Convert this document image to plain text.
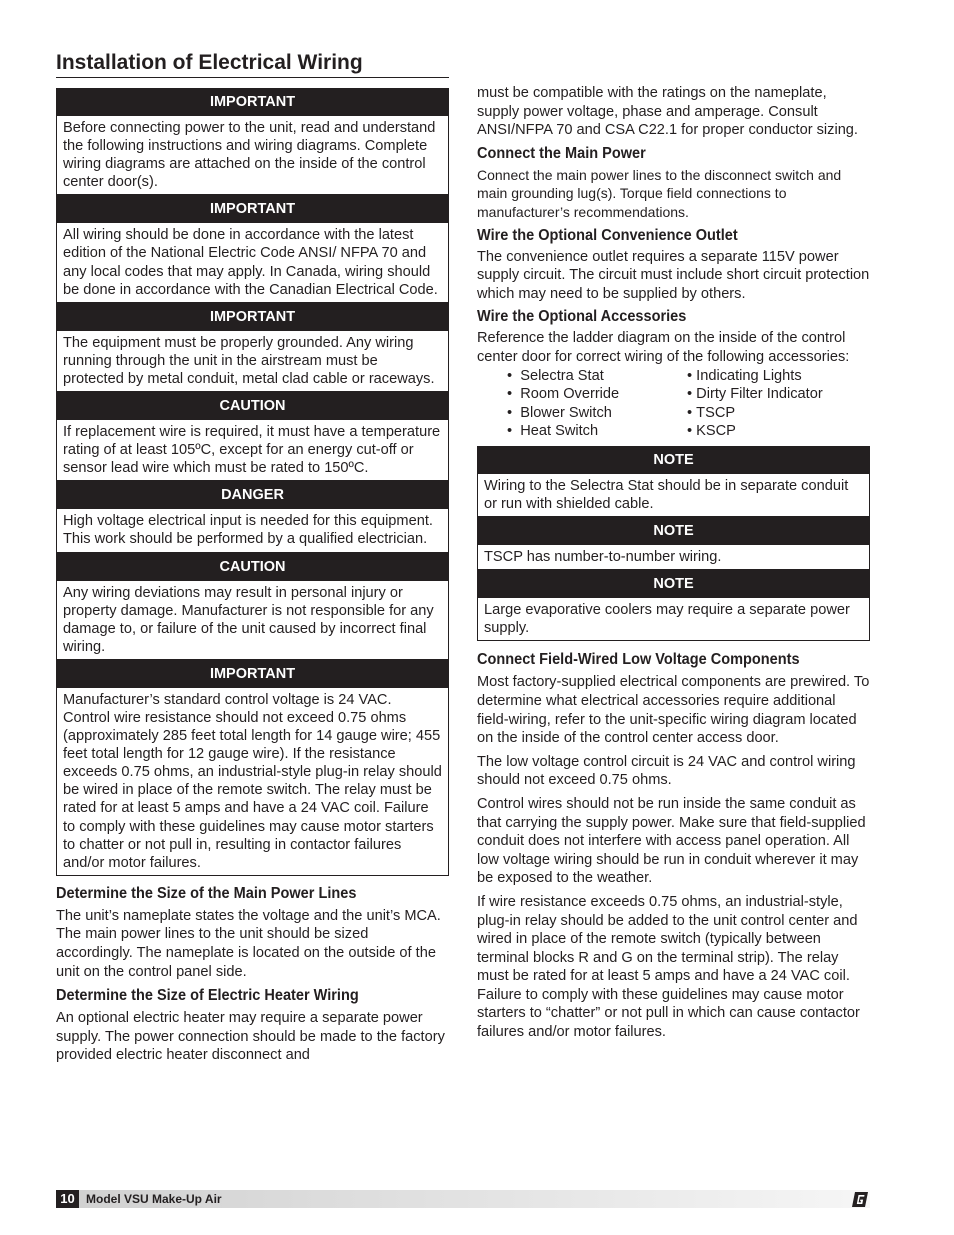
Installation of Electrical Wiring
IMPORTANT
Before connecting power to the unit, read and understand the following instructions and wiring diagrams. Complete wiring diagrams are attached on the inside of the control center door(s).
IMPORTANT
All wiring should be done in accordance with the latest edition of the National Electric Code ANSI/ NFPA 70 and any local codes that may apply. In Canada, wiring should be done in accordance with the Canadian Electrical Code.
IMPORTANT
The equipment must be properly grounded. Any wiring running through the unit in the airstream must be protected by metal conduit, metal clad cable or raceways.
CAUTION
If replacement wire is required, it must have a temperature rating of at least 105ºC, except for an energy cut-off or sensor lead wire which must be rated to 150ºC.
DANGER
High voltage electrical input is needed for this equipment. This work should be performed by a qualified electrician.
CAUTION
Any wiring deviations may result in personal injury or property damage. Manufacturer is not responsible for any damage to, or failure of the unit caused by incorrect final wiring.
IMPORTANT
Manufacturer’s standard control voltage is 24 VAC. Control wire resistance should not exceed 0.75 ohms (approximately 285 feet total length for 14 gauge wire; 455 feet total length for 12 gauge wire). If the resistance exceeds 0.75 ohms, an industrial-style plug-in relay should be wired in place of the remote switch. The relay must be rated for at least 5 amps and have a 24 VAC coil. Failure to comply with these guidelines may cause motor starters to chatter or not pull in, resulting in contactor failures and/or motor failures.
Determine the Size of the Main Power Lines
The unit’s nameplate states the voltage and the unit’s MCA. The main power lines to the unit should be sized accordingly. The nameplate is located on the outside of the unit on the control panel side.
Determine the Size of Electric Heater Wiring
An optional electric heater may require a separate power supply. The power connection should be made to the factory provided electric heater disconnect and
must be compatible with the ratings on the nameplate, supply power voltage, phase and amperage. Consult ANSI/NFPA 70 and CSA C22.1 for proper conductor sizing.
Connect the Main Power
Connect the main power lines to the disconnect switch and main grounding lug(s). Torque field connections to manufacturer’s recommendations.
Wire the Optional Convenience Outlet
The convenience outlet requires a separate 115V power supply circuit. The circuit must include short circuit protection which may need to be supplied by others.
Wire the Optional Accessories
Reference the ladder diagram on the inside of the control center door for correct wiring of the following accessories:
•  Selectra Stat	• Indicating Lights
•  Room Override	• Dirty Filter Indicator
•  Blower Switch	• TSCP
•  Heat Switch	• KSCP
NOTE
Wiring to the Selectra Stat should be in separate conduit or run with shielded cable.
NOTE
TSCP has number-to-number wiring.
NOTE
Large evaporative coolers may require a separate power supply.
Connect Field-Wired Low Voltage Components
Most factory-supplied electrical components are prewired. To determine what electrical accessories require additional field-wiring, refer to the unit-specific wiring diagram located on the inside of the control center access door.
The low voltage control circuit is 24 VAC and control wiring should not exceed 0.75 ohms.
Control wires should not be run inside the same conduit as that carrying the supply power. Make sure that field-supplied conduit does not interfere with access panel operation. All low voltage wiring should be run in conduit wherever it may be exposed to the weather.
If wire resistance exceeds 0.75 ohms, an industrial-style, plug-in relay should be added to the unit control center and wired in place of the remote switch (typically between terminal blocks R and G on the terminal strip). The relay must be rated for at least 5 amps and have a 24 VAC coil. Failure to comply with these guidelines may cause motor starters to “chatter” or not pull in which can cause contactor failures and/or motor failures.
10 Model VSU Make-Up Air
